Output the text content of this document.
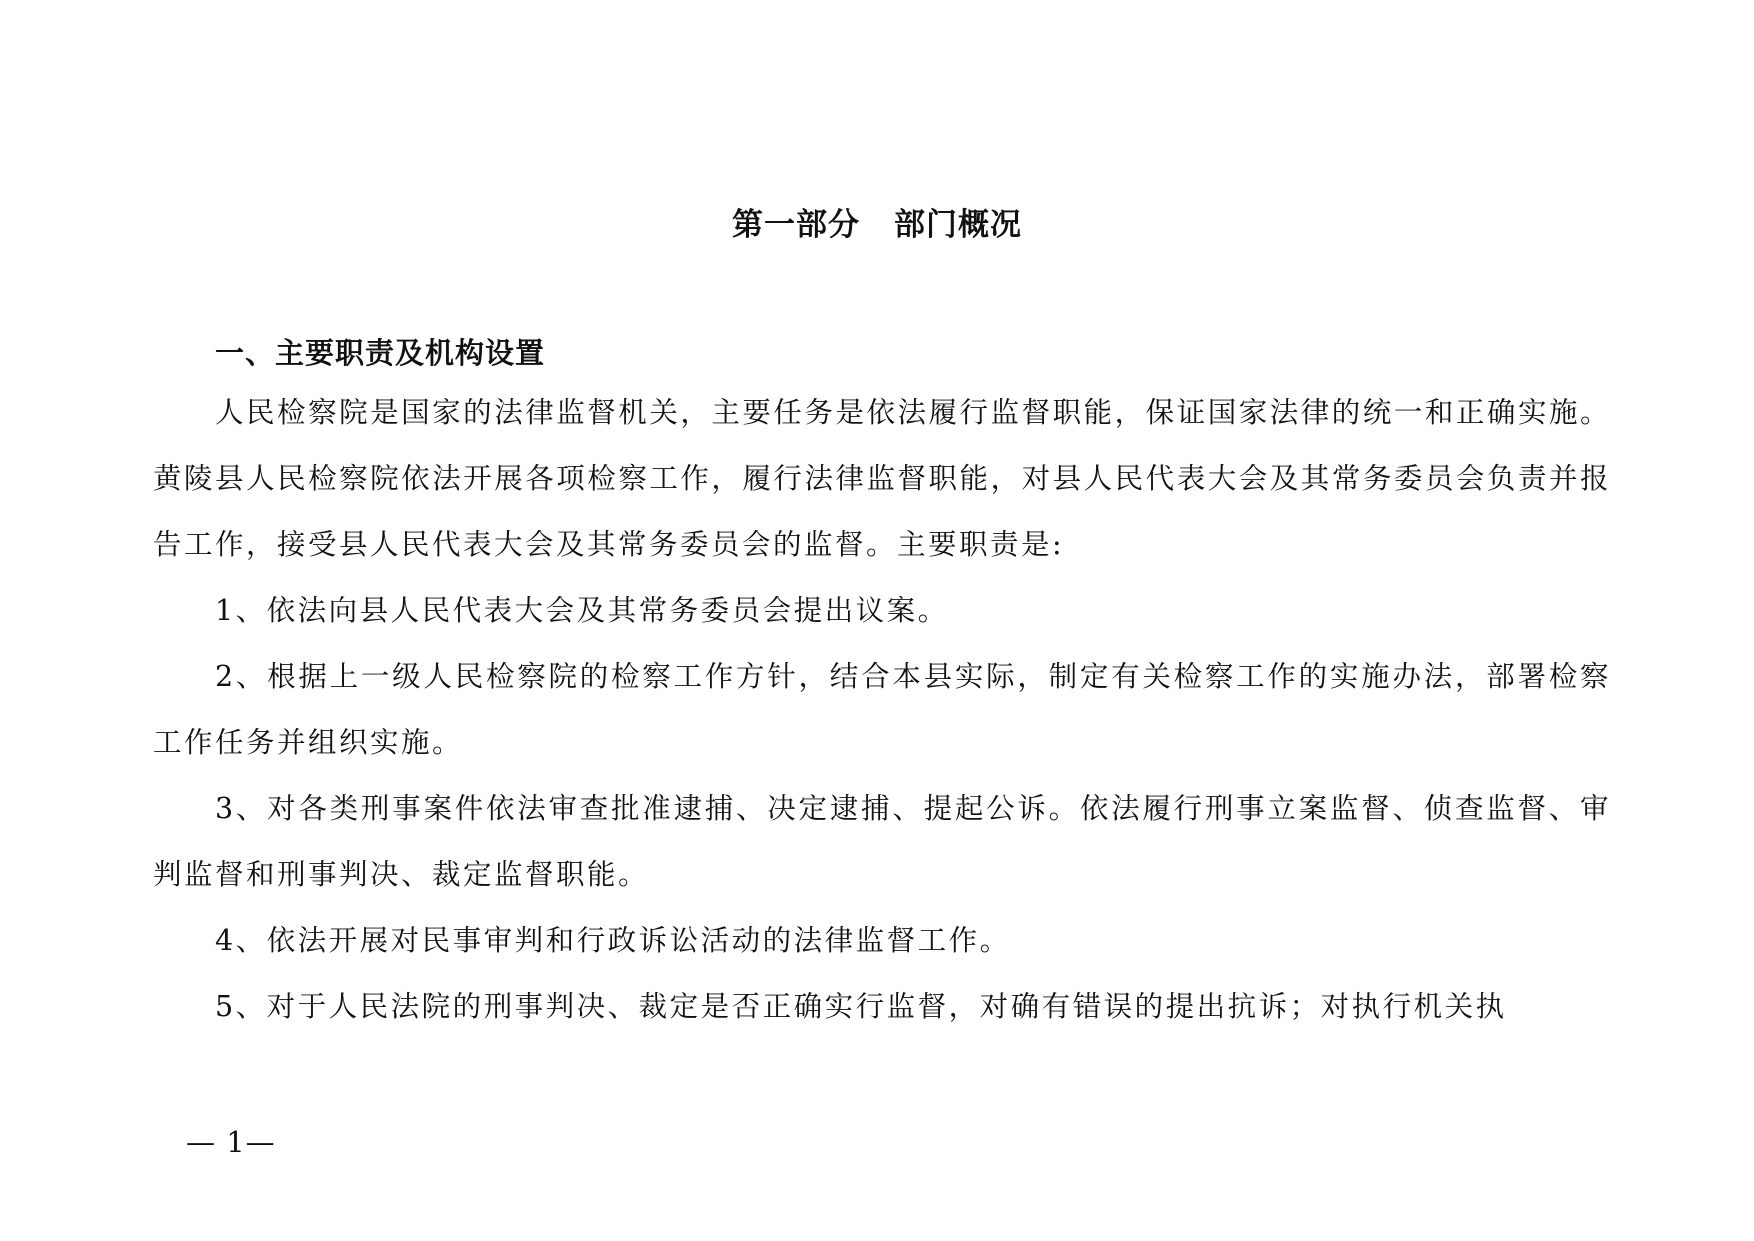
第一部分 部门概况
一、主要职责及机构设置

人民检察院是国家的法律监督机关，主要任务是依法履行监督职能，保证国家法律的统一和正确实施。黄陵县人民检察院依法开展各项检察工作，履行法律监督职能，对县人民代表大会及其常务委员会负责并报告工作，接受县人民代表大会及其常务委员会的监督。主要职责是:

1、依法向县人民代表大会及其常务委员会提出议案。

2、根据上一级人民检察院的检察工作方针，结合本县实际，制定有关检察工作的实施办法，部署检察工作任务并组织实施。

3、对各类刑事案件依法审查批准逮捕、决定逮捕、提起公诉。依法履行刑事立案监督、侦查监督、审判监督和刑事判决、裁定监督职能。

4、依法开展对民事审判和行政诉讼活动的法律监督工作。

5、对于人民法院的刑事判决、裁定是否正确实行监督，对确有错误的提出抗诉；对执行机关执

— 1—
